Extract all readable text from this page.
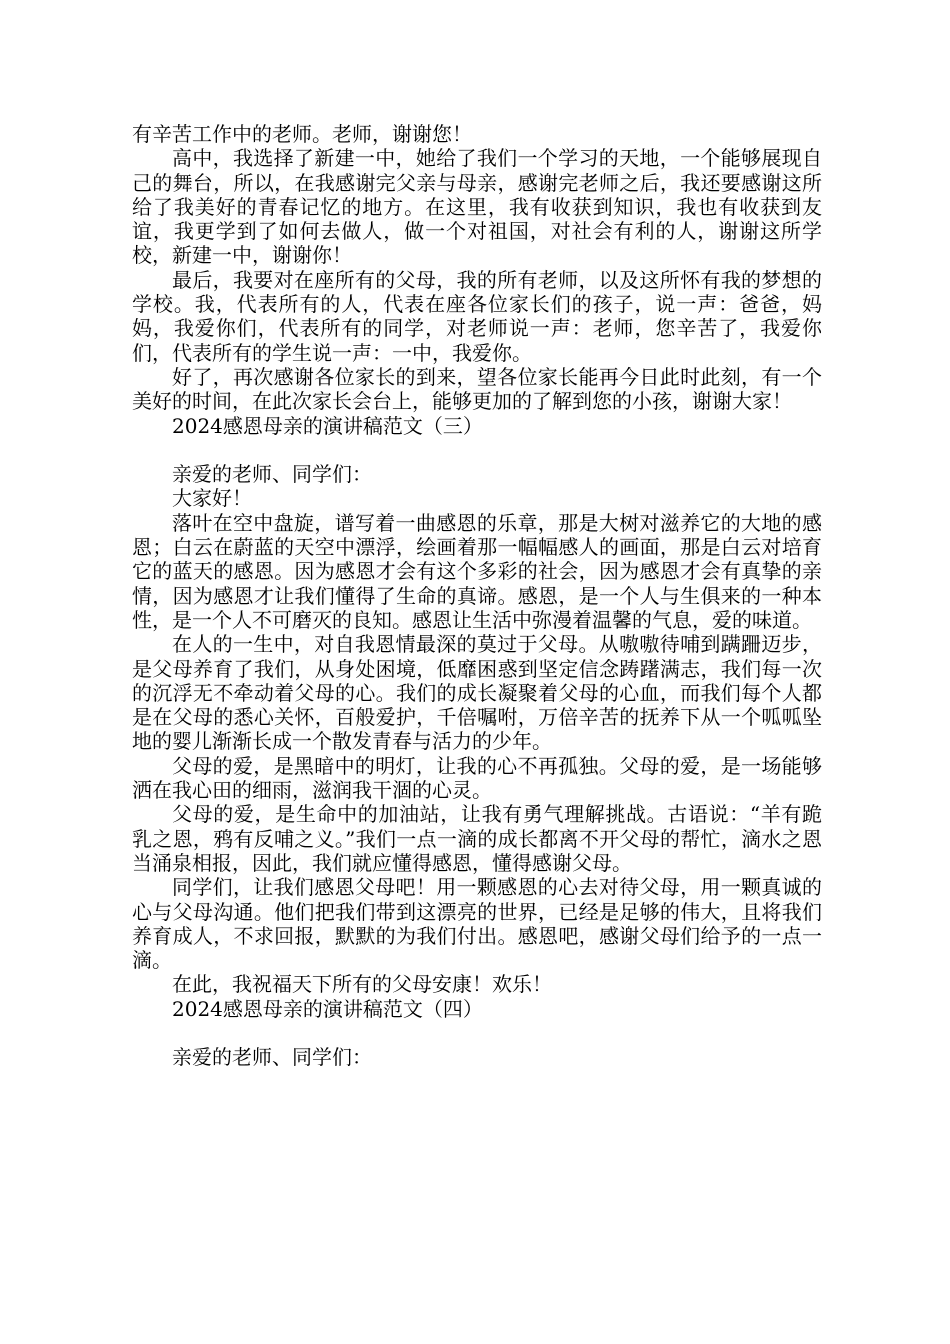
有辛苦工作中的老师。老师，谢谢您！

高中，我选择了新建一中，她给了我们一个学习的天地，一个能够展现自己的舞台，所以，在我感谢完父亲与母亲，感谢完老师之后，我还要感谢这所给了我美好的青春记忆的地方。在这里，我有收获到知识，我也有收获到友谊，我更学到了如何去做人，做一个对祖国，对社会有利的人，谢谢这所学校，新建一中，谢谢你！

最后，我要对在座所有的父母，我的所有老师，以及这所怀有我的梦想的学校。我，代表所有的人，代表在座各位家长们的孩子，说一声：爸爸，妈妈，我爱你们，代表所有的同学，对老师说一声：老师，您辛苦了，我爱你们，代表所有的学生说一声：一中，我爱你。

好了，再次感谢各位家长的到来，望各位家长能再今日此时此刻，有一个美好的时间，在此次家长会台上，能够更加的了解到您的小孩，谢谢大家！

2024感恩母亲的演讲稿范文（三）

亲爱的老师、同学们：

大家好！

落叶在空中盘旋，谱写着一曲感恩的乐章，那是大树对滋养它的大地的感恩；白云在蔚蓝的天空中漂浮，绘画着那一幅幅感人的画面，那是白云对培育它的蓝天的感恩。因为感恩才会有这个多彩的社会，因为感恩才会有真挚的亲情，因为感恩才让我们懂得了生命的真谛。感恩，是一个人与生俱来的一种本性，是一个人不可磨灭的良知。感恩让生活中弥漫着温馨的气息，爱的味道。

在人的一生中，对自我恩情最深的莫过于父母。从嗷嗷待哺到蹒跚迈步，是父母养育了我们，从身处困境，低靡困惑到坚定信念踌躇满志，我们每一次的沉浮无不牵动着父母的心。我们的成长凝聚着父母的心血，而我们每个人都是在父母的悉心关怀，百般爱护，千倍嘱咐，万倍辛苦的抚养下从一个呱呱坠地的婴儿渐渐长成一个散发青春与活力的少年。

父母的爱，是黑暗中的明灯，让我的心不再孤独。父母的爱，是一场能够洒在我心田的细雨，滋润我干涸的心灵。

父母的爱，是生命中的加油站，让我有勇气理解挑战。古语说：“羊有跪乳之恩，鸦有反哺之义。”我们一点一滴的成长都离不开父母的帮忙，滴水之恩当涌泉相报，因此，我们就应懂得感恩，懂得感谢父母。

同学们，让我们感恩父母吧！用一颗感恩的心去对待父母，用一颗真诚的心与父母沟通。他们把我们带到这漂亮的世界，已经是足够的伟大，且将我们养育成人，不求回报，默默的为我们付出。感恩吧，感谢父母们给予的一点一滴。

在此，我祝福天下所有的父母安康！欢乐！

2024感恩母亲的演讲稿范文（四）

亲爱的老师、同学们：
